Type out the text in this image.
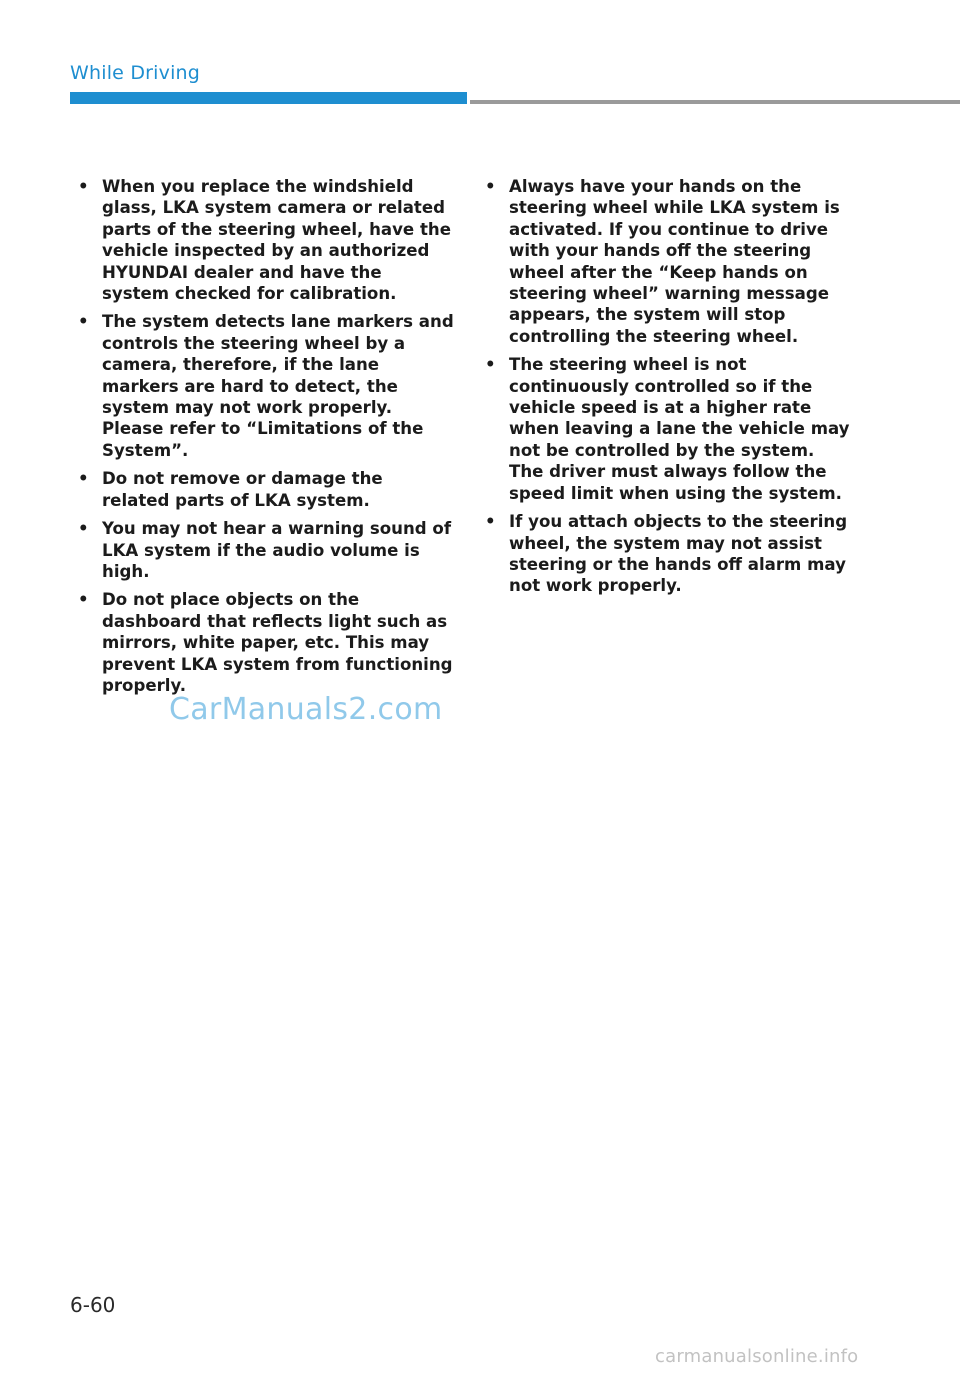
While Driving
• When you replace the windshield glass, LKA system camera or related parts of the steering wheel, have the vehicle inspected by an authorized HYUNDAI dealer and have the system checked for calibration.
• The system detects lane markers and controls the steering wheel by a camera, therefore, if the lane markers are hard to detect, the system may not work properly. Please refer to “Limitations of the System”.
• Do not remove or damage the related parts of LKA system.
• You may not hear a warning sound of LKA system if the audio volume is high.
• Do not place objects on the dashboard that reflects light such as mirrors, white paper, etc. This may prevent LKA system from functioning properly.
• Always have your hands on the steering wheel while LKA system is activated. If you continue to drive with your hands off the steering wheel after the “Keep hands on steering wheel” warning message appears, the system will stop controlling the steering wheel.
• The steering wheel is not continuously controlled so if the vehicle speed is at a higher rate when leaving a lane the vehicle may not be controlled by the system. The driver must always follow the speed limit when using the system.
• If you attach objects to the steering wheel, the system may not assist steering or the hands off alarm may not work properly.
CarManuals2.com
6-60
carmanualsonline.info
